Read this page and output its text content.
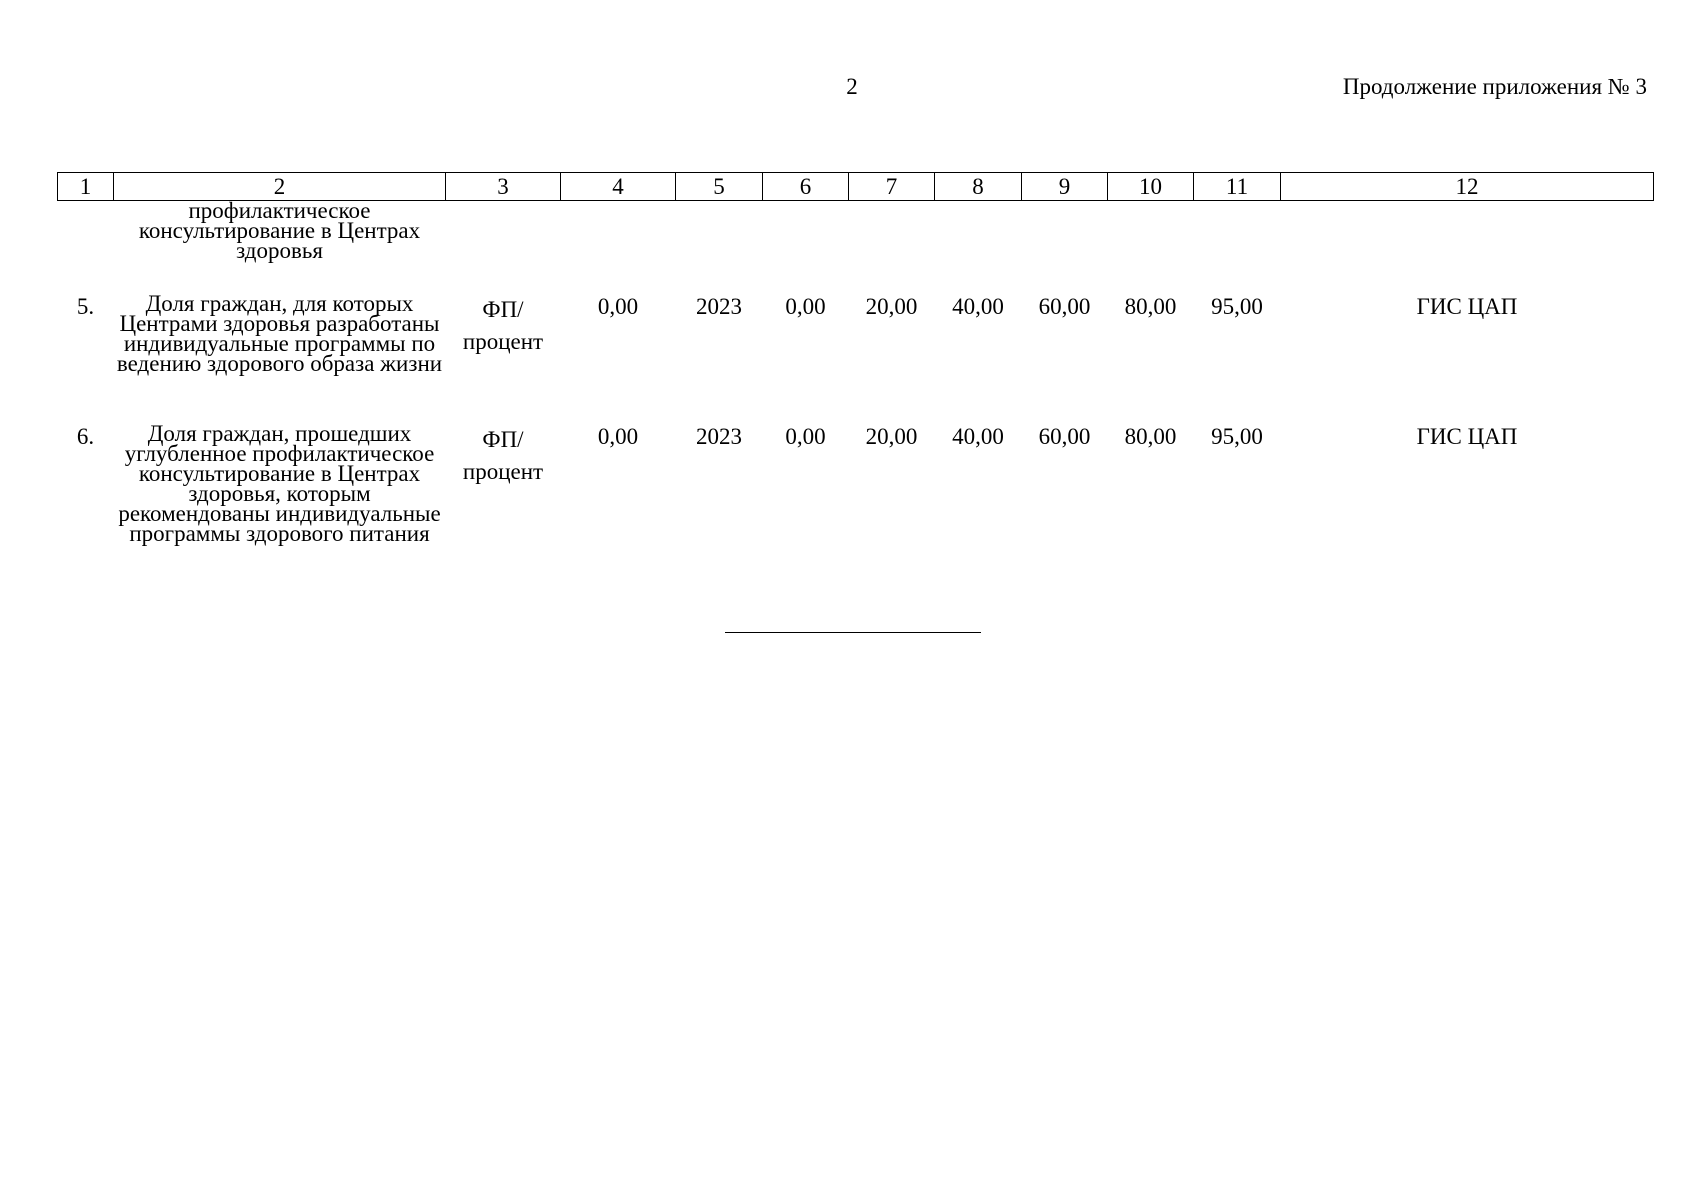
2	Продолжение приложения № 3
1	2	3	4	5	6	7	8	9	10	11	12
	профилактическое консультирование в Центрах здоровья										
5.	Доля граждан, для которых Центрами здоровья разработаны индивидуальные программы по ведению здорового образа жизни	ФП/
процент	0,00	2023	0,00	20,00	40,00	60,00	80,00	95,00	ГИС ЦАП
6.	Доля граждан, прошедших углубленное профилактическое консультирование в Центрах здоровья, которым рекомендованы индивидуальные программы здорового питания	ФП/
процент	0,00	2023	0,00	20,00	40,00	60,00	80,00	95,00	ГИС ЦАП
